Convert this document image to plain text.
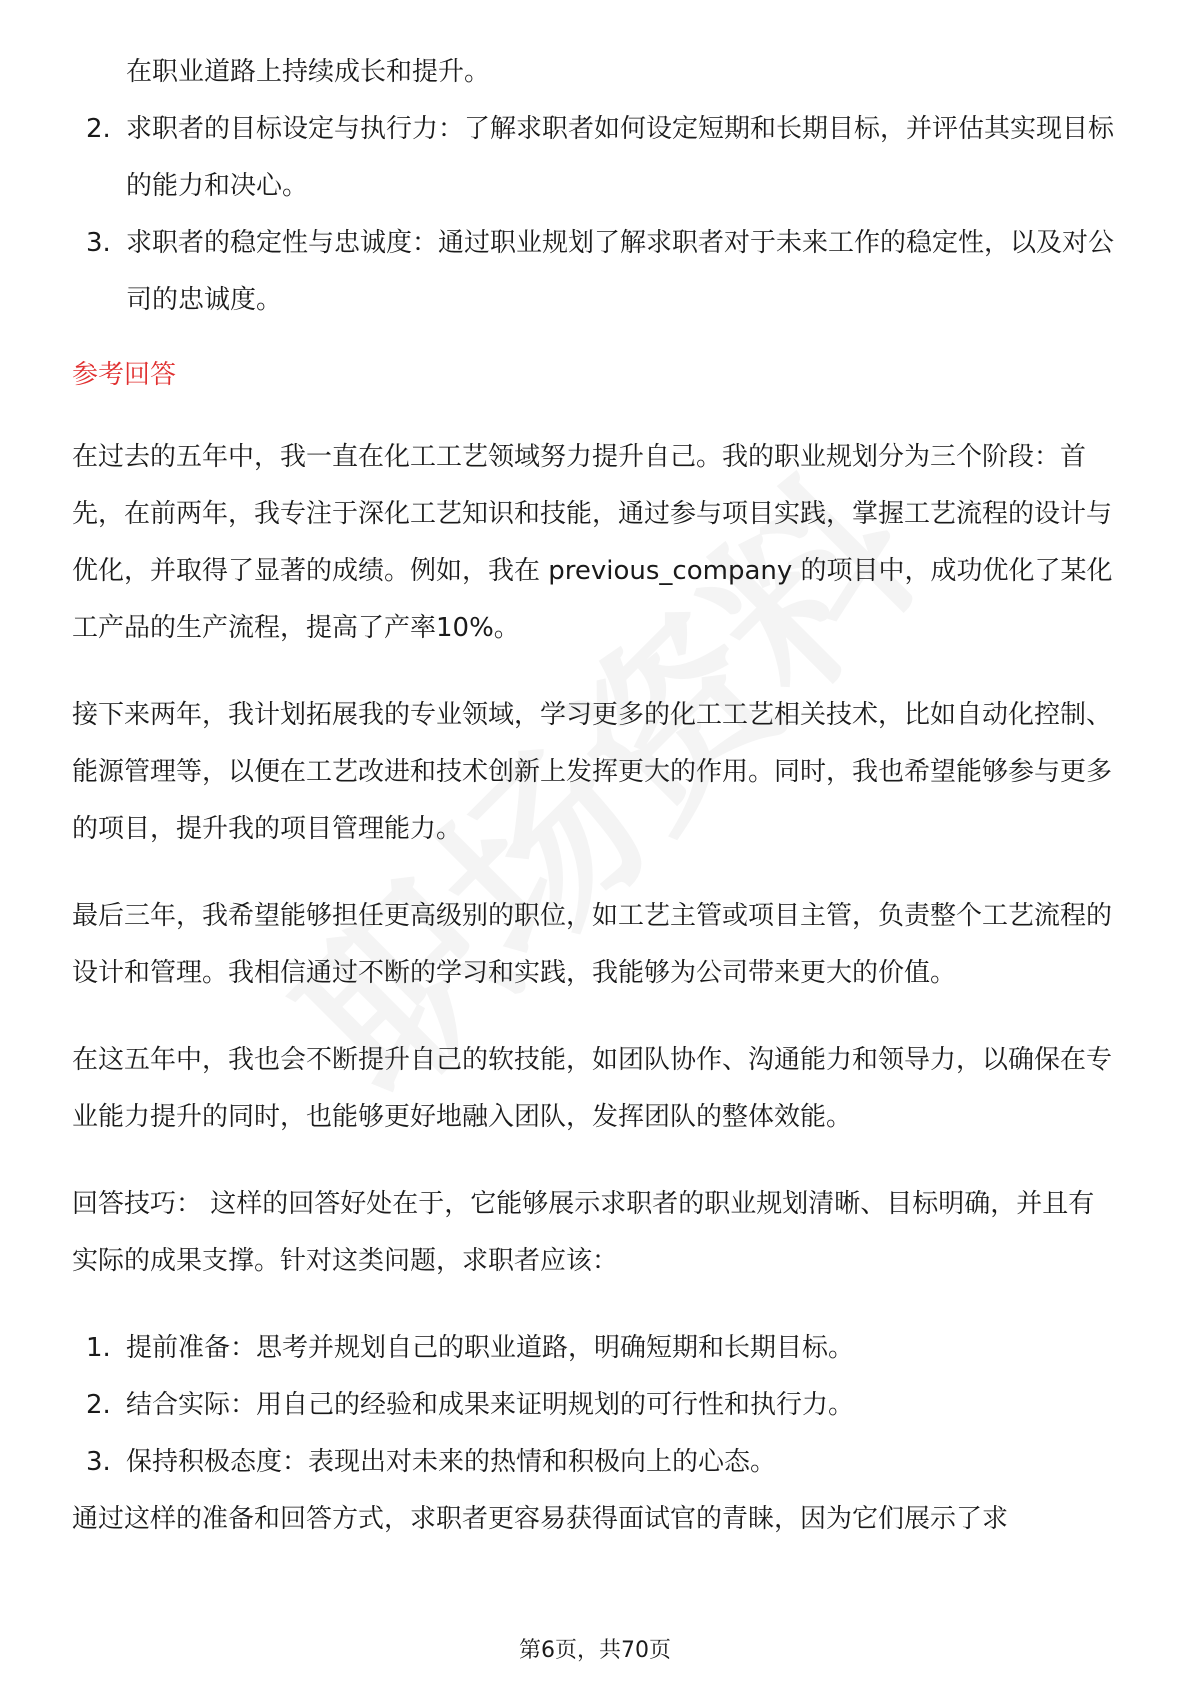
在职业道路上持续成长和提升。
2. 求职者的目标设定与执行力：了解求职者如何设定短期和长期目标，并评估其实现目标的能力和决心。
3. 求职者的稳定性与忠诚度：通过职业规划了解求职者对于未来工作的稳定性，以及对公司的忠诚度。
参考回答

在过去的五年中，我一直在化工工艺领域努力提升自己。我的职业规划分为三个阶段：首先，在前两年，我专注于深化工艺知识和技能，通过参与项目实践，掌握工艺流程的设计与优化，并取得了显著的成绩。例如，我在 previous_company 的项目中，成功优化了某化工产品的生产流程，提高了产率10%。

接下来两年，我计划拓展我的专业领域，学习更多的化工工艺相关技术，比如自动化控制、能源管理等，以便在工艺改进和技术创新上发挥更大的作用。同时，我也希望能够参与更多的项目，提升我的项目管理能力。

最后三年，我希望能够担任更高级别的职位，如工艺主管或项目主管，负责整个工艺流程的设计和管理。我相信通过不断的学习和实践，我能够为公司带来更大的价值。

在这五年中，我也会不断提升自己的软技能，如团队协作、沟通能力和领导力，以确保在专业能力提升的同时，也能够更好地融入团队，发挥团队的整体效能。

回答技巧： 这样的回答好处在于，它能够展示求职者的职业规划清晰、目标明确，并且有实际的成果支撑。针对这类问题，求职者应该：

1. 提前准备：思考并规划自己的职业道路，明确短期和长期目标。
2. 结合实际：用自己的经验和成果来证明规划的可行性和执行力。
3. 保持积极态度：表现出对未来的热情和积极向上的心态。

通过这样的准备和回答方式，求职者更容易获得面试官的青睐，因为它们展示了求

第6页，共70页
